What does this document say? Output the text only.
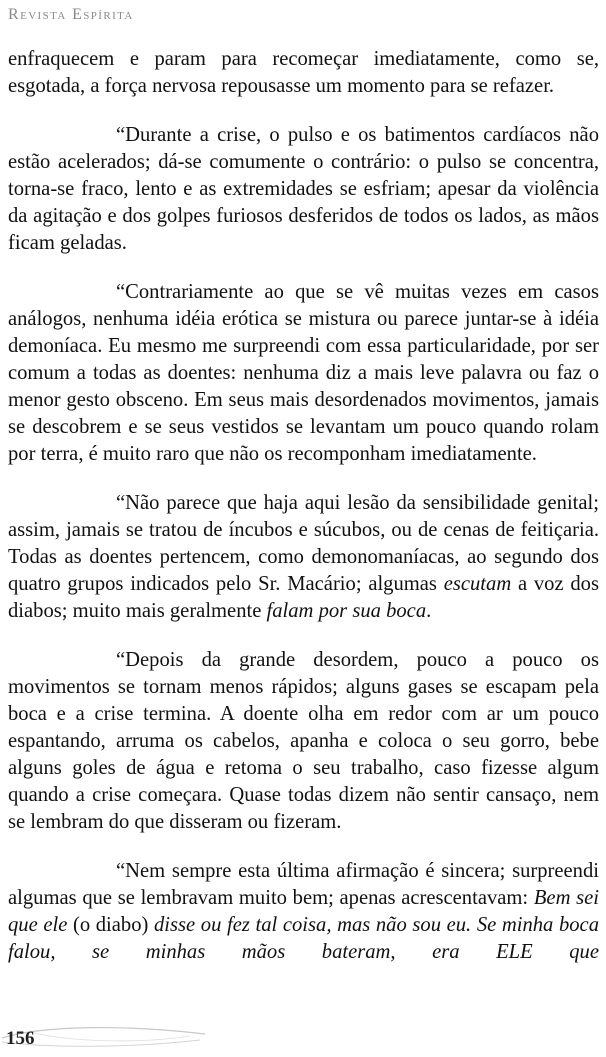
Revista Espírita

enfraquecem e param para recomeçar imediatamente, como se, esgotada, a força nervosa repousasse um momento para se refazer.

“Durante a crise, o pulso e os batimentos cardíacos não estão acelerados; dá-se comumente o contrário: o pulso se concentra, torna-se fraco, lento e as extremidades se esfriam; apesar da violência da agitação e dos golpes furiosos desferidos de todos os lados, as mãos ficam geladas.

“Contrariamente ao que se vê muitas vezes em casos análogos, nenhuma idéia erótica se mistura ou parece juntar-se à idéia demoníaca. Eu mesmo me surpreendi com essa particularidade, por ser comum a todas as doentes: nenhuma diz a mais leve palavra ou faz o menor gesto obsceno. Em seus mais desordenados movimentos, jamais se descobrem e se seus vestidos se levantam um pouco quando rolam por terra, é muito raro que não os recomponham imediatamente.

“Não parece que haja aqui lesão da sensibilidade genital; assim, jamais se tratou de íncubos e súcubos, ou de cenas de feitiçaria. Todas as doentes pertencem, como demonomaníacas, ao segundo dos quatro grupos indicados pelo Sr. Macário; algumas escutam a voz dos diabos; muito mais geralmente falam por sua boca.

“Depois da grande desordem, pouco a pouco os movimentos se tornam menos rápidos; alguns gases se escapam pela boca e a crise termina. A doente olha em redor com ar um pouco espantando, arruma os cabelos, apanha e coloca o seu gorro, bebe alguns goles de água e retoma o seu trabalho, caso fizesse algum quando a crise começara. Quase todas dizem não sentir cansaço, nem se lembram do que disseram ou fizeram.

“Nem sempre esta última afirmação é sincera; surpreendi algumas que se lembravam muito bem; apenas acrescentavam: Bem sei que ele (o diabo) disse ou fez tal coisa, mas não sou eu. Se minha boca falou, se minhas mãos bateram, era ELE que

156
